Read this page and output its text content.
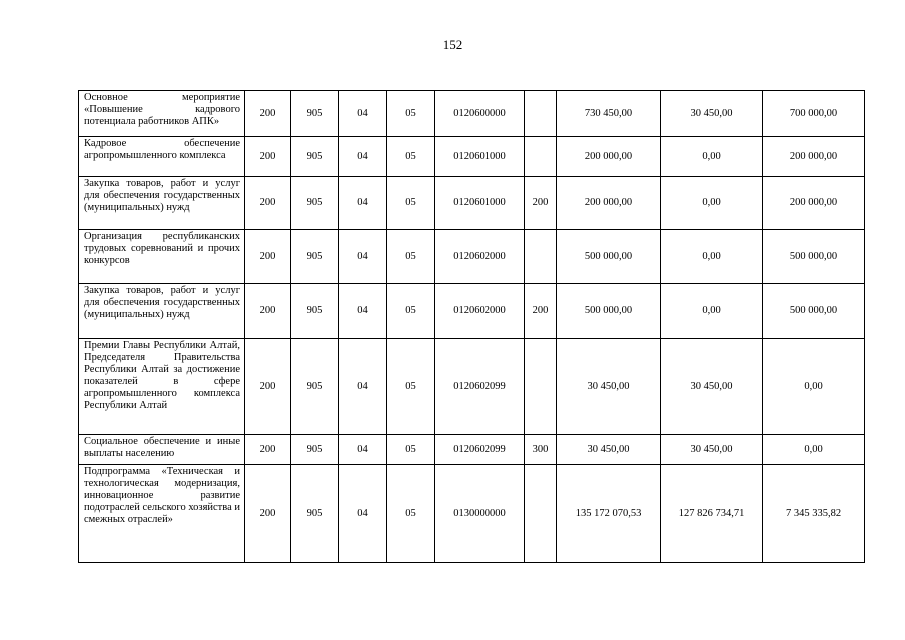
152
Основное мероприятие «Повышение кадрового потенциала работников АПК»	200	905	04	05	0120600000		730 450,00	30 450,00	700 000,00
Кадровое обеспечение агропромышленного комплекса	200	905	04	05	0120601000		200 000,00	0,00	200 000,00
Закупка товаров, работ и услуг для обеспечения государственных (муниципальных) нужд	200	905	04	05	0120601000	200	200 000,00	0,00	200 000,00
Организация республиканских трудовых соревнований и прочих конкурсов	200	905	04	05	0120602000		500 000,00	0,00	500 000,00
Закупка товаров, работ и услуг для обеспечения государственных (муниципальных) нужд	200	905	04	05	0120602000	200	500 000,00	0,00	500 000,00
Премии Главы Республики Алтай, Председателя Правительства Республики Алтай за достижение показателей в сфере агропромышленного комплекса Республики Алтай	200	905	04	05	0120602099		30 450,00	30 450,00	0,00
Социальное обеспечение и иные выплаты населению	200	905	04	05	0120602099	300	30 450,00	30 450,00	0,00
Подпрограмма «Техническая и технологическая модернизация, инновационное развитие подотраслей сельского хозяйства и смежных отраслей»	200	905	04	05	0130000000		135 172 070,53	127 826 734,71	7 345 335,82
